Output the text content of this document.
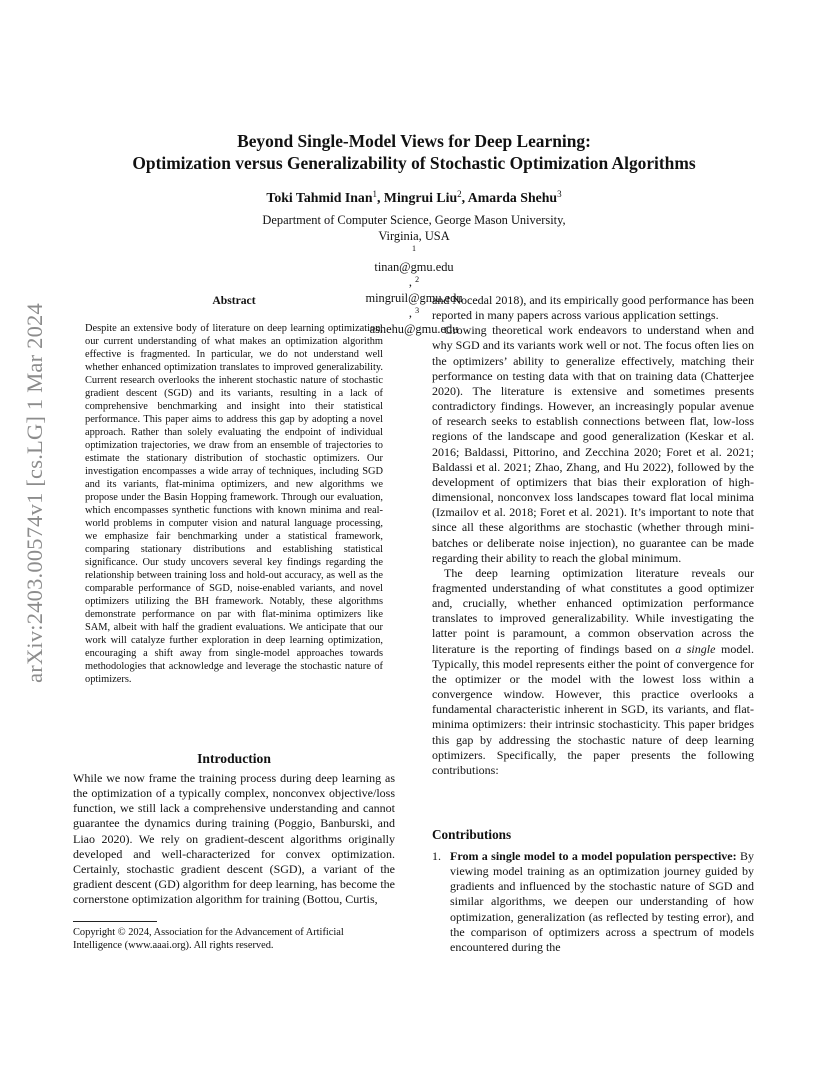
arXiv:2403.00574v1 [cs.LG] 1 Mar 2024
Beyond Single-Model Views for Deep Learning:
Optimization versus Generalizability of Stochastic Optimization Algorithms

Toki Tahmid Inan$^1$, Mingrui Liu$^2$, Amarda Shehu$^3$

Department of Computer Science, George Mason University,
Virginia, USA
$^1$
tinan@gmu.edu
, $^2$
mingruil@gmu.edu
, $^3$
ashehu@gmu.edu
Abstract

Despite an extensive body of literature on deep learning optimization, our current understanding of what makes an optimization algorithm effective is fragmented. In particular, we do not understand well whether enhanced optimization translates to improved generalizability. Current research overlooks the inherent stochastic nature of stochastic gradient descent (SGD) and its variants, resulting in a lack of comprehensive benchmarking and insight into their statistical performance. This paper aims to address this gap by adopting a novel approach. Rather than solely evaluating the endpoint of individual optimization trajectories, we draw from an ensemble of trajectories to estimate the stationary distribution of stochastic optimizers. Our investigation encompasses a wide array of techniques, including SGD and its variants, flat-minima optimizers, and new algorithms we propose under the Basin Hopping framework. Through our evaluation, which encompasses synthetic functions with known minima and real-world problems in computer vision and natural language processing, we emphasize fair benchmarking under a statistical framework, comparing stationary distributions and establishing statistical significance. Our study uncovers several key findings regarding the relationship between training loss and hold-out accuracy, as well as the comparable performance of SGD, noise-enabled variants, and novel optimizers utilizing the BH framework. Notably, these algorithms demonstrate performance on par with flat-minima optimizers like SAM, albeit with half the gradient evaluations. We anticipate that our work will catalyze further exploration in deep learning optimization, encouraging a shift away from single-model approaches towards methodologies that acknowledge and leverage the stochastic nature of optimizers.

Introduction

While we now frame the training process during deep learning as the optimization of a typically complex, nonconvex objective/loss function, we still lack a comprehensive understanding and cannot guarantee the dynamics during training (Poggio, Banburski, and Liao 2020). We rely on gradient-descent algorithms originally developed and well-characterized for convex optimization. Certainly, stochastic gradient descent (SGD), a variant of the gradient descent (GD) algorithm for deep learning, has become the cornerstone optimization algorithm for training (Bottou, Curtis,

Copyright © 2024, Association for the Advancement of Artificial Intelligence (www.aaai.org). All rights reserved.

and Nocedal 2018), and its empirically good performance has been reported in many papers across various application settings.

Growing theoretical work endeavors to understand when and why SGD and its variants work well or not. The focus often lies on the optimizers’ ability to generalize effectively, matching their performance on testing data with that on training data (Chatterjee 2020). The literature is extensive and sometimes presents contradictory findings. However, an increasingly popular avenue of research seeks to establish connections between flat, low-loss regions of the landscape and good generalization (Keskar et al. 2016; Baldassi, Pittorino, and Zecchina 2020; Foret et al. 2021; Baldassi et al. 2021; Zhao, Zhang, and Hu 2022), followed by the development of optimizers that bias their exploration of high-dimensional, nonconvex loss landscapes toward flat local minima (Izmailov et al. 2018; Foret et al. 2021). It’s important to note that since all these algorithms are stochastic (whether through mini-batches or deliberate noise injection), no guarantee can be made regarding their ability to reach the global minimum.

The deep learning optimization literature reveals our fragmented understanding of what constitutes a good optimizer and, crucially, whether enhanced optimization performance translates to improved generalizability. While investigating the latter point is paramount, a common observation across the literature is the reporting of findings based on a single model. Typically, this model represents either the point of convergence for the optimizer or the model with the lowest loss within a convergence window. However, this practice overlooks a fundamental characteristic inherent in SGD, its variants, and flat-minima optimizers: their intrinsic stochasticity. This paper bridges this gap by addressing the stochastic nature of deep learning optimizers. Specifically, the paper presents the following contributions:

Contributions
1. From a single model to a model population perspective: By viewing model training as an optimization journey guided by gradients and influenced by the stochastic nature of SGD and similar algorithms, we deepen our understanding of how optimization, generalization (as reflected by testing error), and the comparison of optimizers across a spectrum of models encountered during the
